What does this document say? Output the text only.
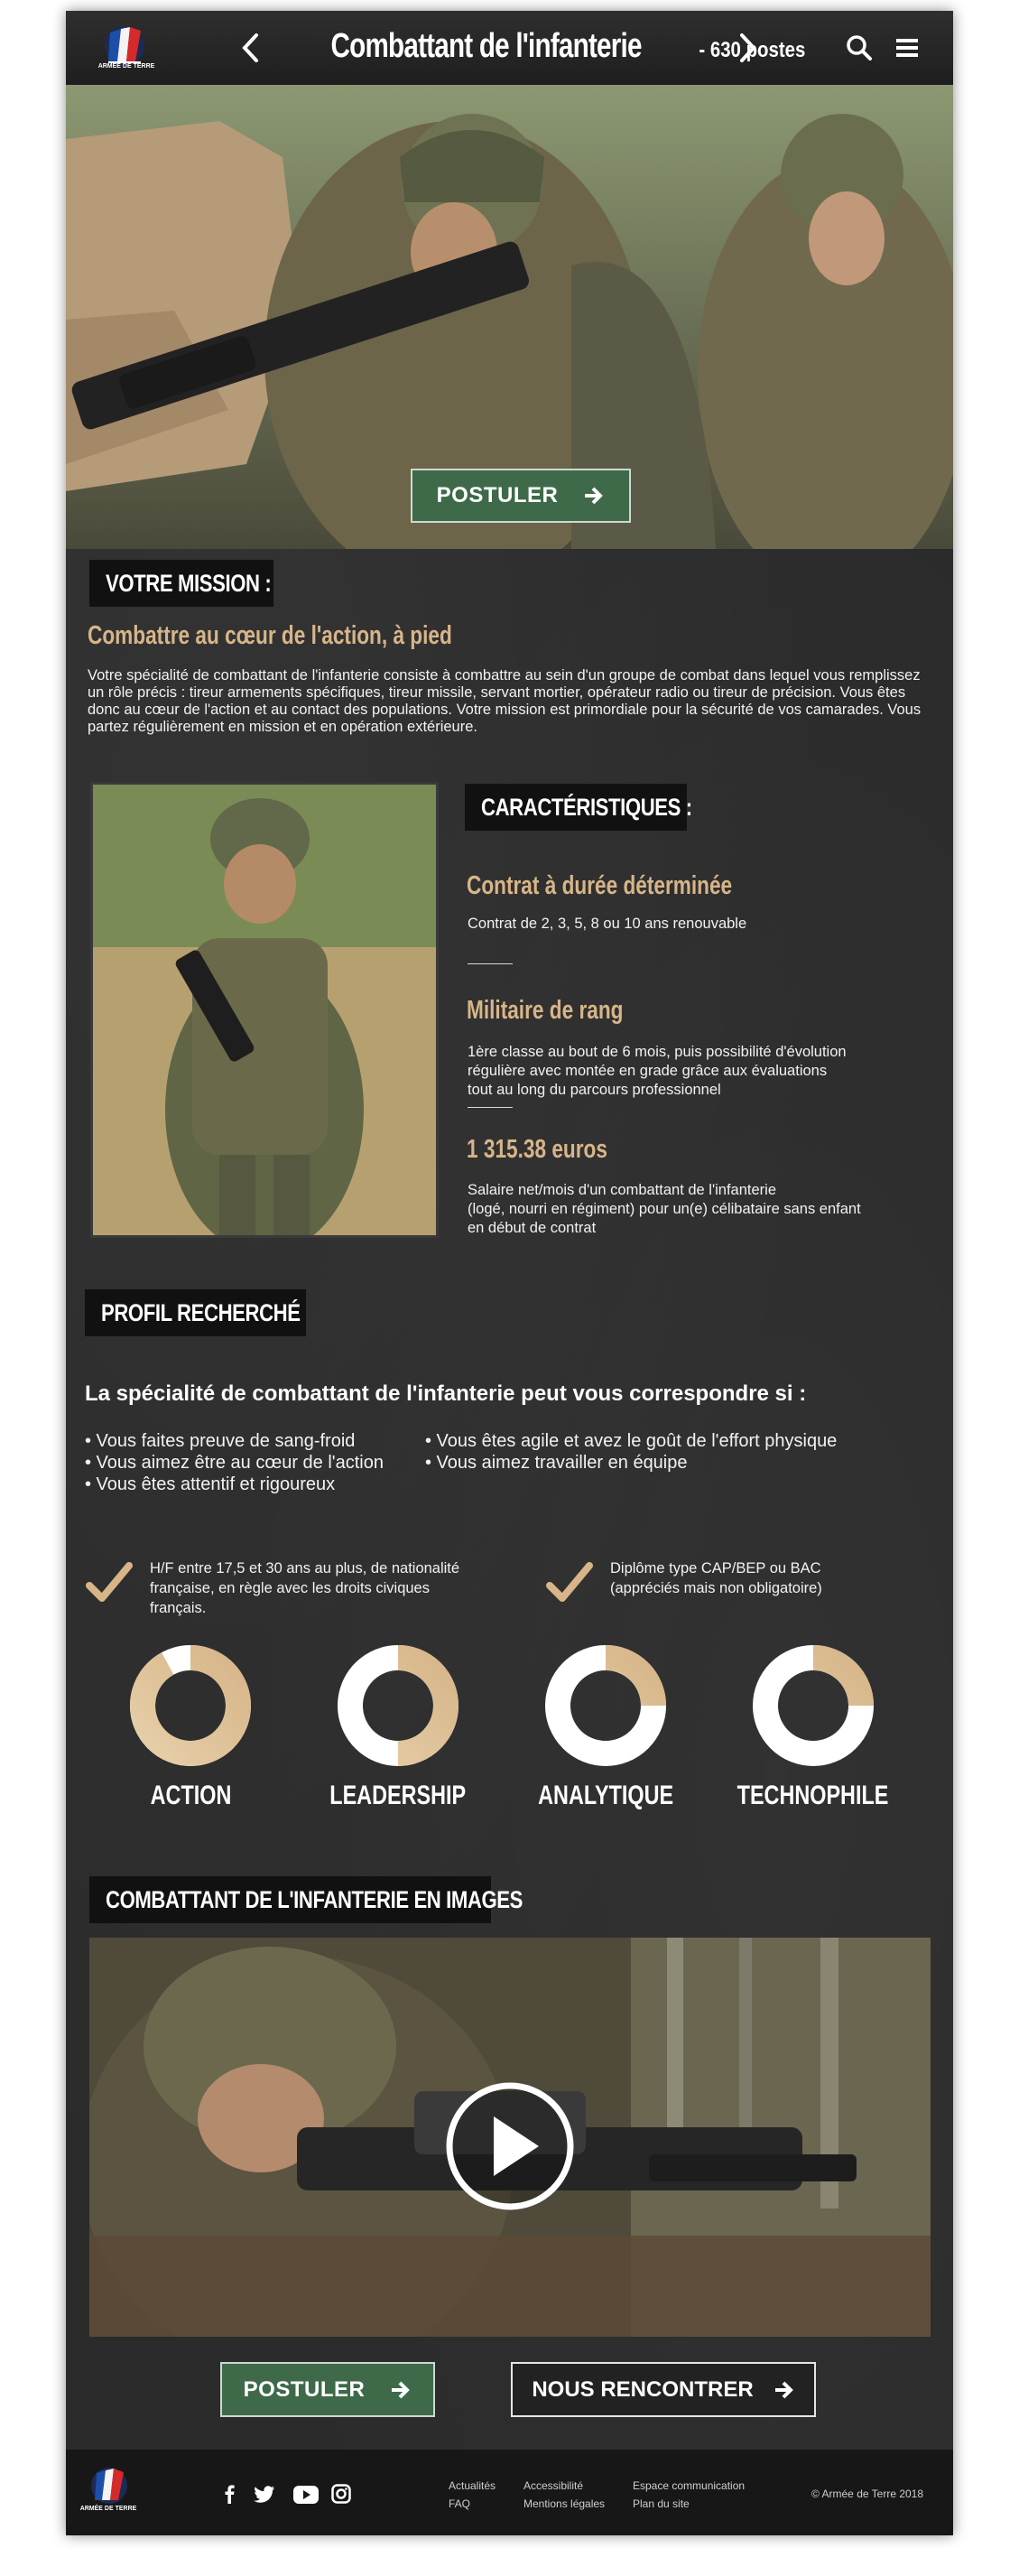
ARMÉE DE TERRE
Combattant de l'infanterie	- 630 postes
POSTULER
VOTRE MISSION :
Combattre au cœur de l'action, à pied
Votre spécialité de combattant de l'infanterie consiste à combattre au sein d'un groupe de combat dans lequel vous remplissez un rôle précis : tireur armements spécifiques, tireur missile, servant mortier, opérateur radio ou tireur de précision. Vous êtes donc au cœur de l'action et au contact des populations. Votre mission est primordiale pour la sécurité de vos camarades. Vous partez régulièrement en mission et en opération extérieure.
CARACTÉRISTIQUES :
Contrat à durée déterminée
Contrat de 2, 3, 5, 8 ou 10 ans renouvable
Militaire de rang
1ère classe au bout de 6 mois, puis possibilité d'évolution
régulière avec montée en grade grâce aux évaluations
tout au long du parcours professionnel
1 315.38 euros
Salaire net/mois d'un combattant de l'infanterie
(logé, nourri en régiment) pour un(e) célibataire sans enfant
en début de contrat
PROFIL RECHERCHÉ
La spécialité de combattant de l'infanterie peut vous correspondre si :
• Vous faites preuve de sang-froid
• Vous aimez être au cœur de l'action
• Vous êtes attentif et rigoureux
• Vous êtes agile et avez le goût de l'effort physique
• Vous aimez travailler en équipe
H/F entre 17,5 et 30 ans au plus, de nationalité
française, en règle avec les droits civiques
français.
Diplôme type CAP/BEP ou BAC
(appréciés mais non obligatoire)
COMBATTANT DE L'INFANTERIE EN IMAGES
POSTULER	NOUS RENCONTRER
ARMÉE DE TERRE
Actualités
FAQ
Accessibilité
Mentions légales
Espace communication
Plan du site
© Armée de Terre 2018
ACTION	LEADERSHIP	ANALYTIQUE	TECHNOPHILE
